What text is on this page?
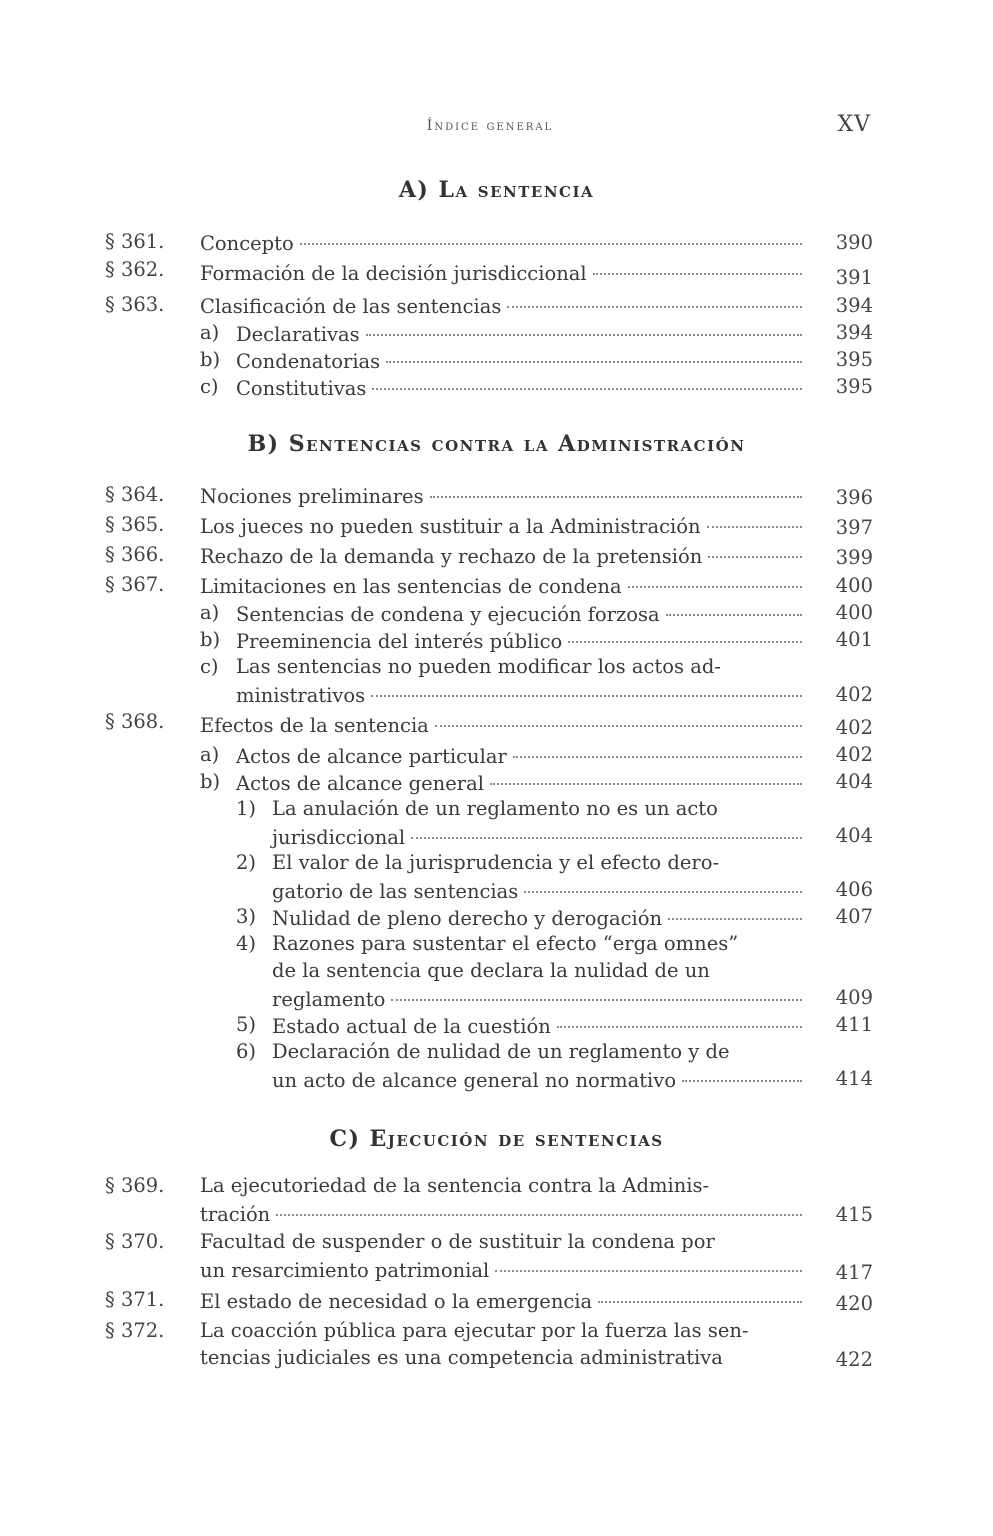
Índice general	XV
A) La sentencia
§ 361. Concepto	390
§ 362. Formación de la decisión jurisdiccional	391
§ 363. Clasificación de las sentencias	394
a) Declarativas	394
b) Condenatorias	395
c) Constitutivas	395
B) Sentencias contra la Administración
§ 364. Nociones preliminares	396
§ 365. Los jueces no pueden sustituir a la Administración	397
§ 366. Rechazo de la demanda y rechazo de la pretensión	399
§ 367. Limitaciones en las sentencias de condena	400
a) Sentencias de condena y ejecución forzosa	400
b) Preeminencia del interés público	401
c) Las sentencias no pueden modificar los actos ad-
ministrativos	402
§ 368. Efectos de la sentencia	402
a) Actos de alcance particular	402
b) Actos de alcance general	404
1) La anulación de un reglamento no es un acto
jurisdiccional	404
2) El valor de la jurisprudencia y el efecto dero-
gatorio de las sentencias	406
3) Nulidad de pleno derecho y derogación	407
4) Razones para sustentar el efecto “erga omnes”
de la sentencia que declara la nulidad de un
reglamento	409
5) Estado actual de la cuestión	411
6) Declaración de nulidad de un reglamento y de
un acto de alcance general no normativo	414
C) Ejecución de sentencias
§ 369. La ejecutoriedad de la sentencia contra la Adminis-
tración	415
§ 370. Facultad de suspender o de sustituir la condena por
un resarcimiento patrimonial	417
§ 371. El estado de necesidad o la emergencia	420
§ 372. La coacción pública para ejecutar por la fuerza las sen-
tencias judiciales es una competencia administrativa	422
